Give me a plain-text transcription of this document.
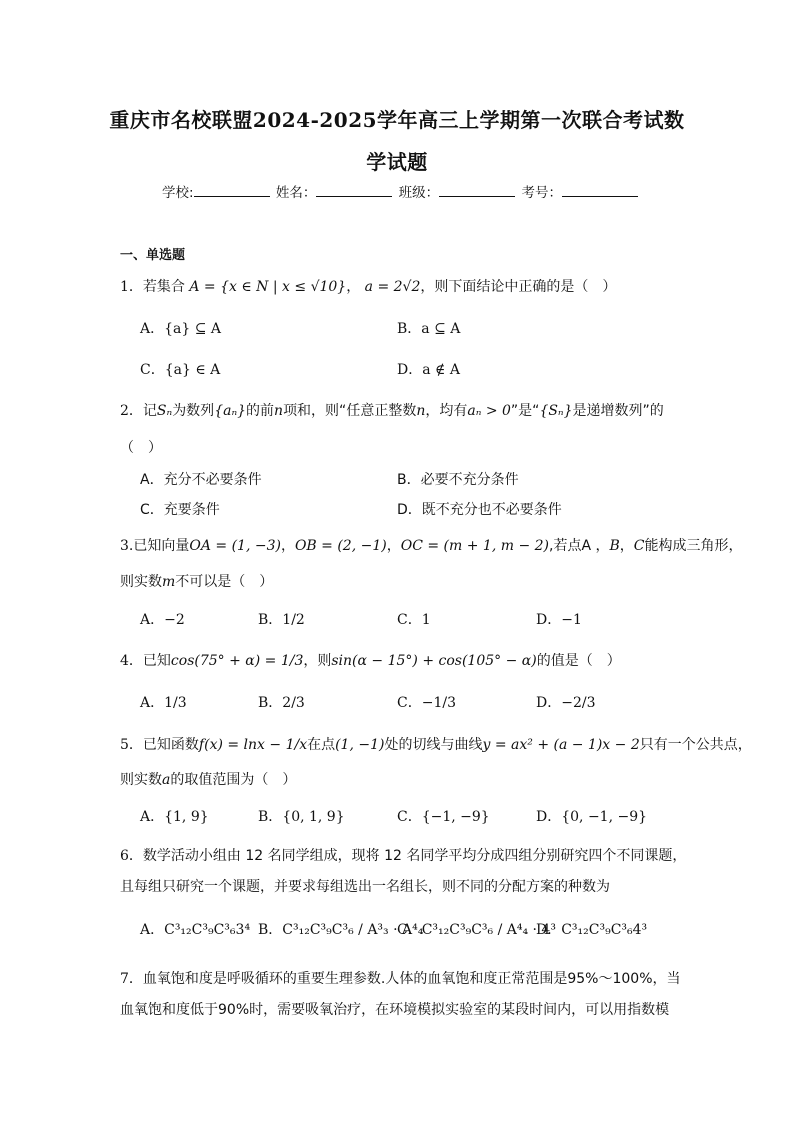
重庆市名校联盟2024-2025学年高三上学期第一次联合考试数
学试题
学校:	姓名：	班级：	考号：
一、单选题
1．若集合 A = {x ∈ N | x ≤ √10}， a = 2√2，则下面结论中正确的是（　）
A．{a} ⊆ A	B．a ⊆ A
C．{a} ∈ A	D．a ∉ A
2．记Sₙ为数列{aₙ}的前n项和，则“任意正整数n，均有aₙ > 0”是“{Sₙ}是递增数列”的
（　）
A．充分不必要条件	B．必要不充分条件
C．充要条件	D．既不充分也不必要条件
3.已知向量OA = (1, −3)，OB = (2, −1)，OC = (m + 1, m − 2),若点A ，B，C能构成三角形，
则实数m不可以是（　）
A．−2	B．1/2	C．1	D．−1
4．已知cos(75° + α) = 1/3，则sin(α − 15°) + cos(105° − α)的值是（　）
A．1/3	B．2/3	C．−1/3	D．−2/3
5．已知函数f(x) = lnx − 1/x在点(1, −1)处的切线与曲线y = ax² + (a − 1)x − 2只有一个公共点，
则实数a的取值范围为（　）
A．{1, 9}	B．{0, 1, 9}	C．{−1, −9}	D．{0, −1, −9}
6．数学活动小组由 12 名同学组成，现将 12 名同学平均分成四组分别研究四个不同课题，
且每组只研究一个课题，并要求每组选出一名组长，则不同的分配方案的种数为
A．C³₁₂C³₉C³₆3⁴ B．C³₁₂C³₉C³₆ / A³₃ · A⁴₄
C．C³₁₂C³₉C³₆ / A⁴₄ · 4³
D．C³₁₂C³₉C³₆4³
7．血氧饱和度是呼吸循环的重要生理参数.人体的血氧饱和度正常范围是95%～100%，当
血氧饱和度低于90%时，需要吸氧治疗，在环境模拟实验室的某段时间内，可以用指数模
